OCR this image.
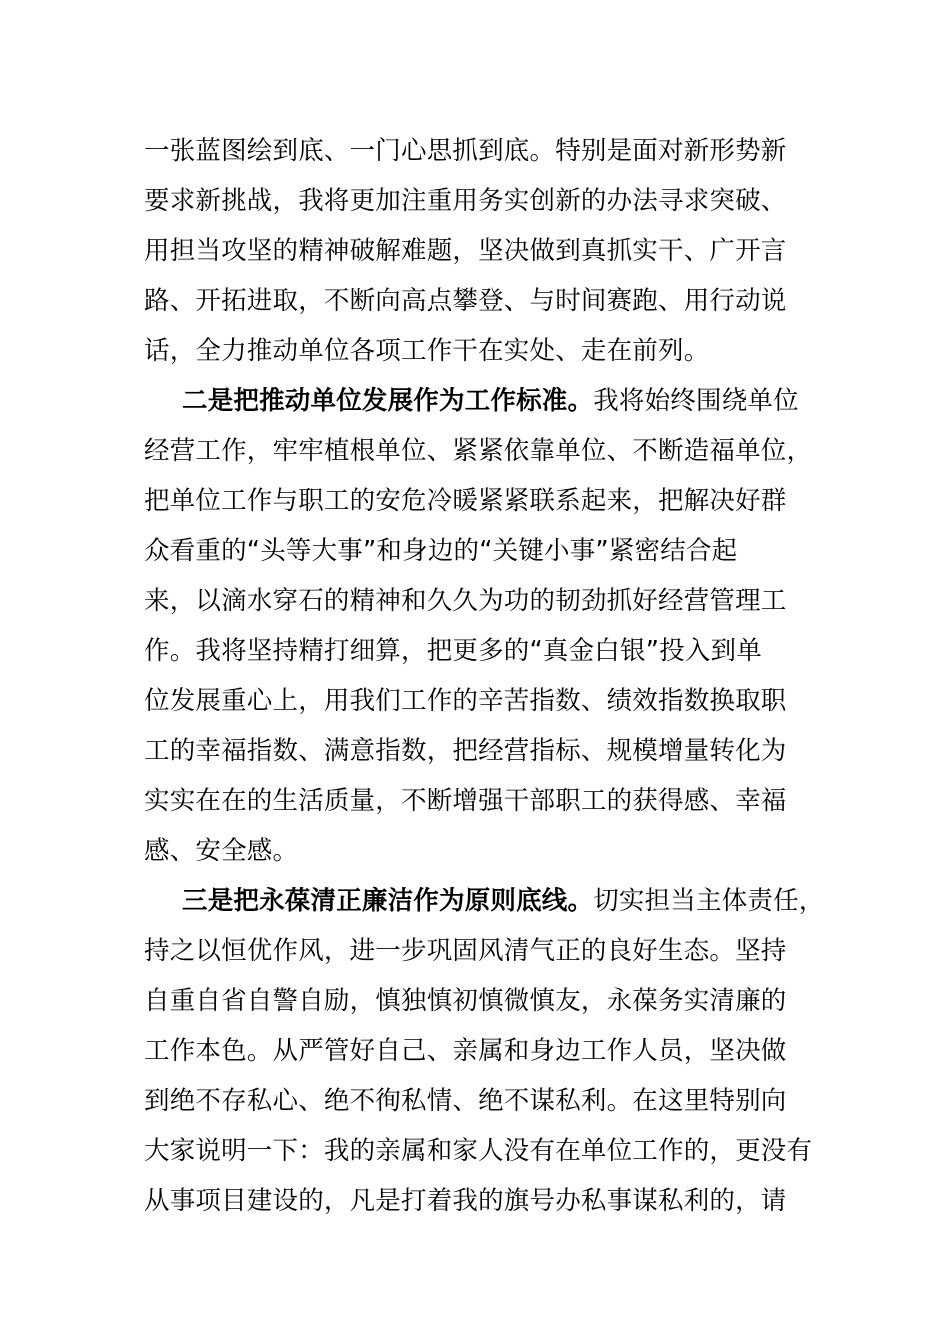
一张蓝图绘到底、一门心思抓到底。特别是面对新形势新
要求新挑战，我将更加注重用务实创新的办法寻求突破、
用担当攻坚的精神破解难题，坚决做到真抓实干、广开言
路、开拓进取，不断向高点攀登、与时间赛跑、用行动说
话，全力推动单位各项工作干在实处、走在前列。
二是把推动单位发展作为工作标准。我将始终围绕单位
经营工作，牢牢植根单位、紧紧依靠单位、不断造福单位，
把单位工作与职工的安危冷暖紧紧联系起来，把解决好群
众看重的“头等大事”和身边的“关键小事”紧密结合起
来，以滴水穿石的精神和久久为功的韧劲抓好经营管理工
作。我将坚持精打细算，把更多的“真金白银”投入到单
位发展重心上，用我们工作的辛苦指数、绩效指数换取职
工的幸福指数、满意指数，把经营指标、规模增量转化为
实实在在的生活质量，不断增强干部职工的获得感、幸福
感、安全感。
三是把永葆清正廉洁作为原则底线。切实担当主体责任，
持之以恒优作风，进一步巩固风清气正的良好生态。坚持
自重自省自警自励，慎独慎初慎微慎友，永葆务实清廉的
工作本色。从严管好自己、亲属和身边工作人员，坚决做
到绝不存私心、绝不徇私情、绝不谋私利。在这里特别向
大家说明一下：我的亲属和家人没有在单位工作的，更没有
从事项目建设的，凡是打着我的旗号办私事谋私利的，请
